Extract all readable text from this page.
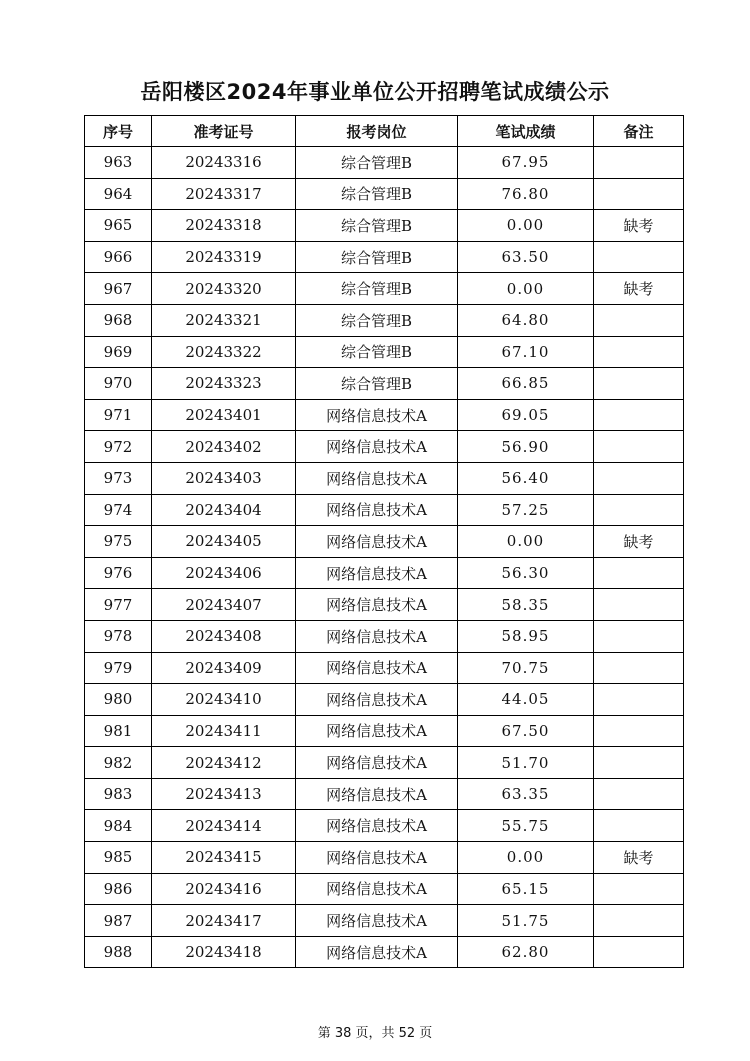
岳阳楼区2024年事业单位公开招聘笔试成绩公示
序号	准考证号	报考岗位	笔试成绩	备注
963	20243316	综合管理B	67.95	
964	20243317	综合管理B	76.80	
965	20243318	综合管理B	0.00	缺考
966	20243319	综合管理B	63.50	
967	20243320	综合管理B	0.00	缺考
968	20243321	综合管理B	64.80	
969	20243322	综合管理B	67.10	
970	20243323	综合管理B	66.85	
971	20243401	网络信息技术A	69.05	
972	20243402	网络信息技术A	56.90	
973	20243403	网络信息技术A	56.40	
974	20243404	网络信息技术A	57.25	
975	20243405	网络信息技术A	0.00	缺考
976	20243406	网络信息技术A	56.30	
977	20243407	网络信息技术A	58.35	
978	20243408	网络信息技术A	58.95	
979	20243409	网络信息技术A	70.75	
980	20243410	网络信息技术A	44.05	
981	20243411	网络信息技术A	67.50	
982	20243412	网络信息技术A	51.70	
983	20243413	网络信息技术A	63.35	
984	20243414	网络信息技术A	55.75	
985	20243415	网络信息技术A	0.00	缺考
986	20243416	网络信息技术A	65.15	
987	20243417	网络信息技术A	51.75	
988	20243418	网络信息技术A	62.80	
第 38 页，共 52 页
